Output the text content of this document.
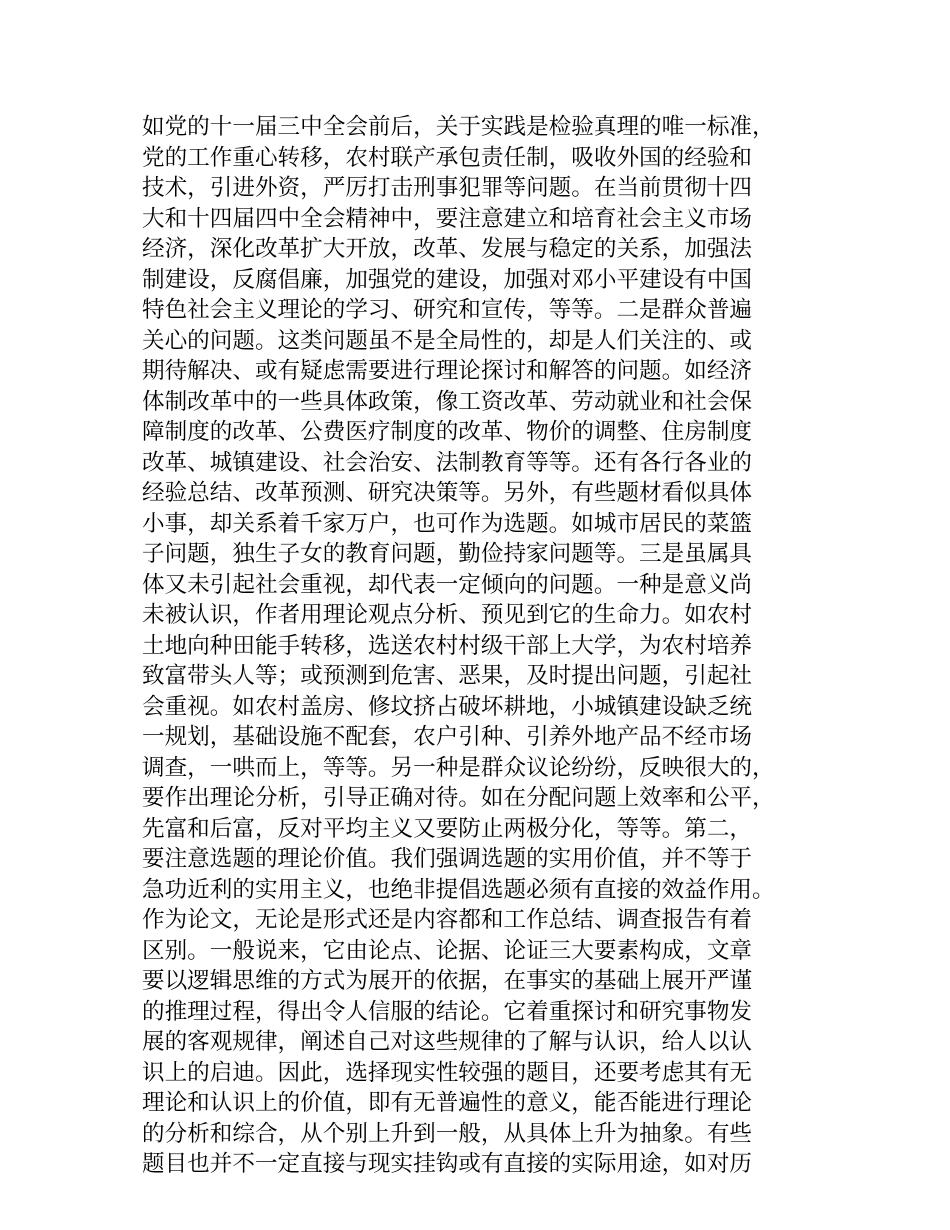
如党的十一届三中全会前后，关于实践是检验真理的唯一标准，
党的工作重心转移，农村联产承包责任制，吸收外国的经验和
技术，引进外资，严厉打击刑事犯罪等问题。在当前贯彻十四
大和十四届四中全会精神中，要注意建立和培育社会主义市场
经济，深化改革扩大开放，改革、发展与稳定的关系，加强法
制建设，反腐倡廉，加强党的建设，加强对邓小平建设有中国
特色社会主义理论的学习、研究和宣传，等等。二是群众普遍
关心的问题。这类问题虽不是全局性的，却是人们关注的、或
期待解决、或有疑虑需要进行理论探讨和解答的问题。如经济
体制改革中的一些具体政策，像工资改革、劳动就业和社会保
障制度的改革、公费医疗制度的改革、物价的调整、住房制度
改革、城镇建设、社会治安、法制教育等等。还有各行各业的
经验总结、改革预测、研究决策等。另外，有些题材看似具体
小事，却关系着千家万户，也可作为选题。如城市居民的菜篮
子问题，独生子女的教育问题，勤俭持家问题等。三是虽属具
体又未引起社会重视，却代表一定倾向的问题。一种是意义尚
未被认识，作者用理论观点分析、预见到它的生命力。如农村
土地向种田能手转移，选送农村村级干部上大学，为农村培养
致富带头人等；或预测到危害、恶果，及时提出问题，引起社
会重视。如农村盖房、修坟挤占破坏耕地，小城镇建设缺乏统
一规划，基础设施不配套，农户引种、引养外地产品不经市场
调查，一哄而上，等等。另一种是群众议论纷纷，反映很大的，
要作出理论分析，引导正确对待。如在分配问题上效率和公平，
先富和后富，反对平均主义又要防止两极分化，等等。第二，
要注意选题的理论价值。我们强调选题的实用价值，并不等于
急功近利的实用主义，也绝非提倡选题必须有直接的效益作用。
作为论文，无论是形式还是内容都和工作总结、调查报告有着
区别。一般说来，它由论点、论据、论证三大要素构成，文章
要以逻辑思维的方式为展开的依据，在事实的基础上展开严谨
的推理过程，得出令人信服的结论。它着重探讨和研究事物发
展的客观规律，阐述自己对这些规律的了解与认识，给人以认
识上的启迪。因此，选择现实性较强的题目，还要考虑其有无
理论和认识上的价值，即有无普遍性的意义，能否能进行理论
的分析和综合，从个别上升到一般，从具体上升为抽象。有些
题目也并不一定直接与现实挂钩或有直接的实际用途，如对历
